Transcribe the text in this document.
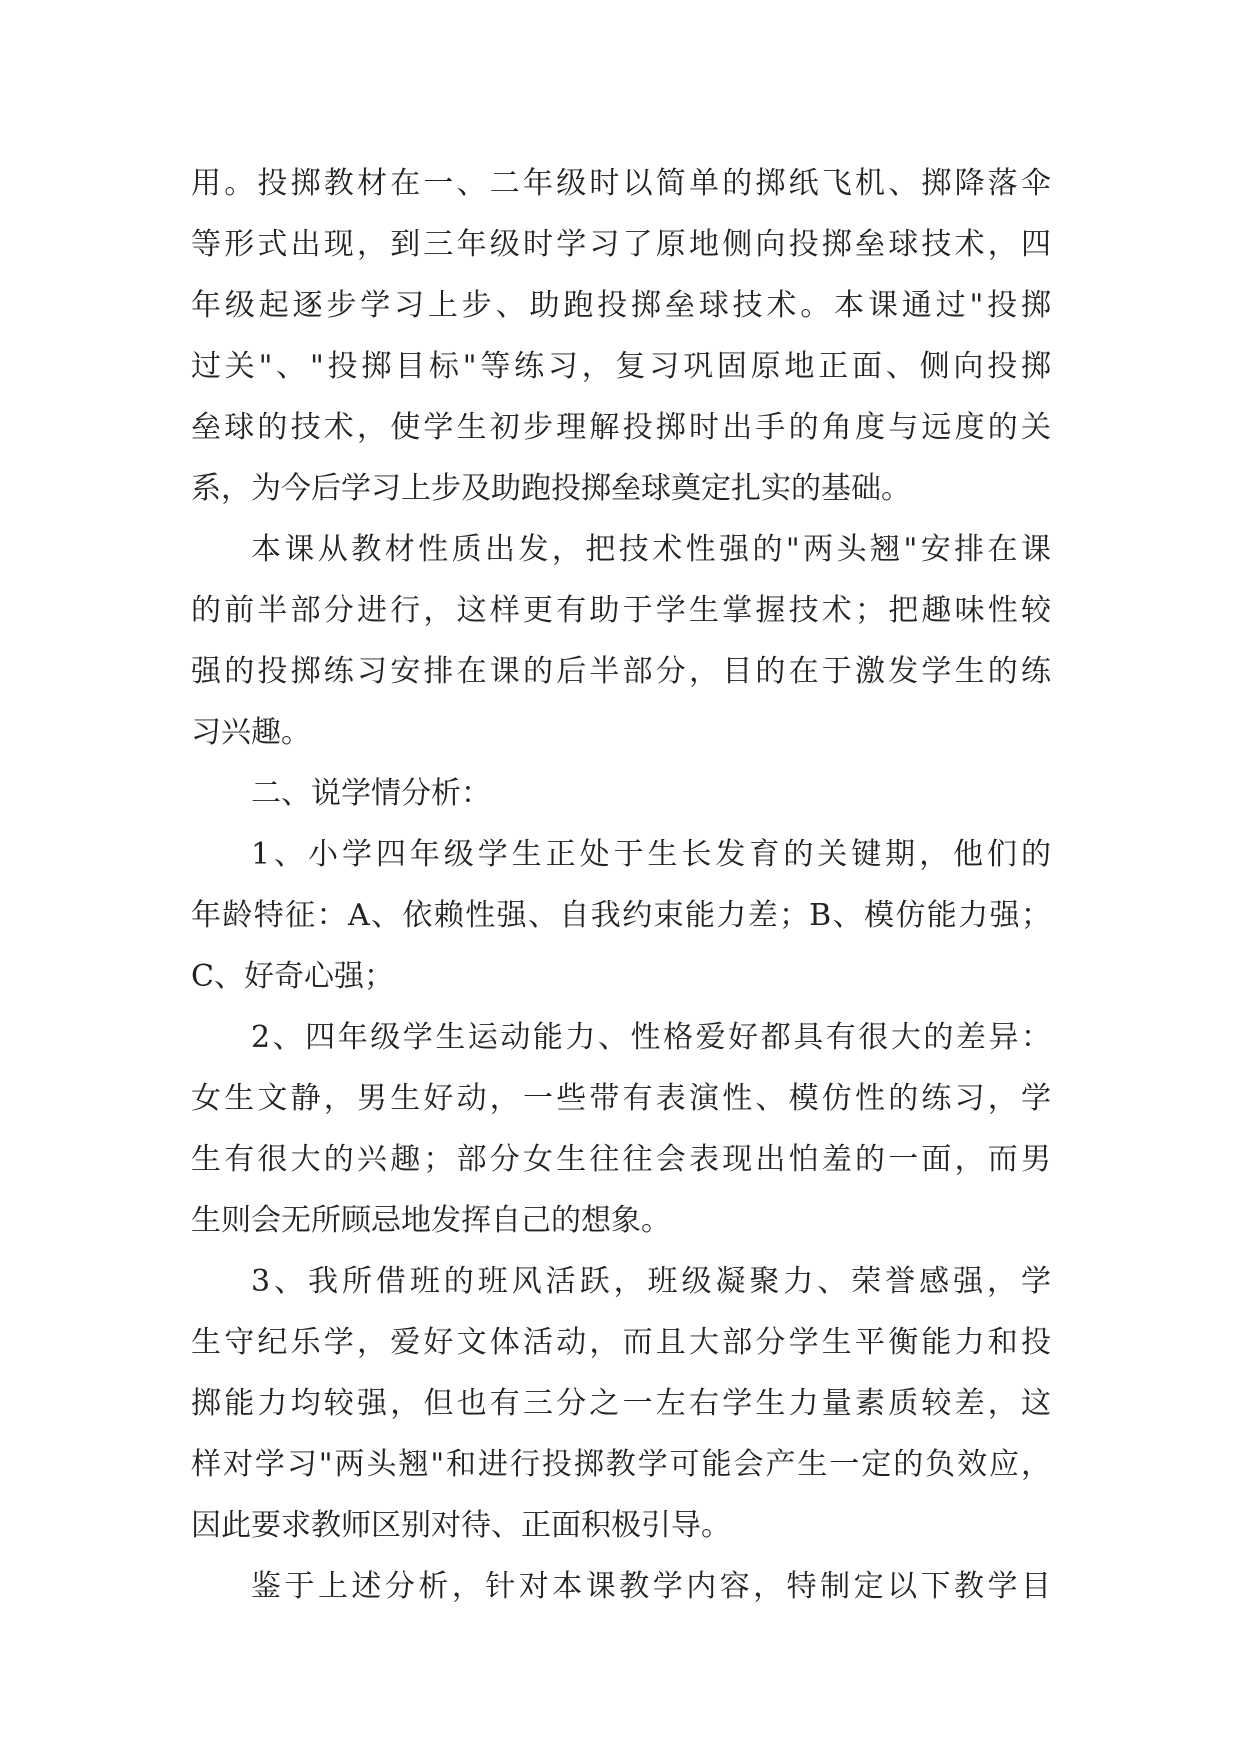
用。投掷教材在一、二年级时以简单的掷纸飞机、掷降落伞
等形式出现，到三年级时学习了原地侧向投掷垒球技术，四
年级起逐步学习上步、助跑投掷垒球技术。本课通过"投掷
过关"、"投掷目标"等练习，复习巩固原地正面、侧向投掷
垒球的技术，使学生初步理解投掷时出手的角度与远度的关
系，为今后学习上步及助跑投掷垒球奠定扎实的基础。
本课从教材性质出发，把技术性强的"两头翘"安排在课
的前半部分进行，这样更有助于学生掌握技术；把趣味性较
强的投掷练习安排在课的后半部分，目的在于激发学生的练
习兴趣。
二、说学情分析：
1、小学四年级学生正处于生长发育的关键期，他们的
年龄特征：A、依赖性强、自我约束能力差；B、模仿能力强；
C、好奇心强；
2、四年级学生运动能力、性格爱好都具有很大的差异：
女生文静，男生好动，一些带有表演性、模仿性的练习，学
生有很大的兴趣；部分女生往往会表现出怕羞的一面，而男
生则会无所顾忌地发挥自己的想象。
3、我所借班的班风活跃，班级凝聚力、荣誉感强，学
生守纪乐学，爱好文体活动，而且大部分学生平衡能力和投
掷能力均较强，但也有三分之一左右学生力量素质较差，这
样对学习"两头翘"和进行投掷教学可能会产生一定的负效应，
因此要求教师区别对待、正面积极引导。
鉴于上述分析，针对本课教学内容，特制定以下教学目
